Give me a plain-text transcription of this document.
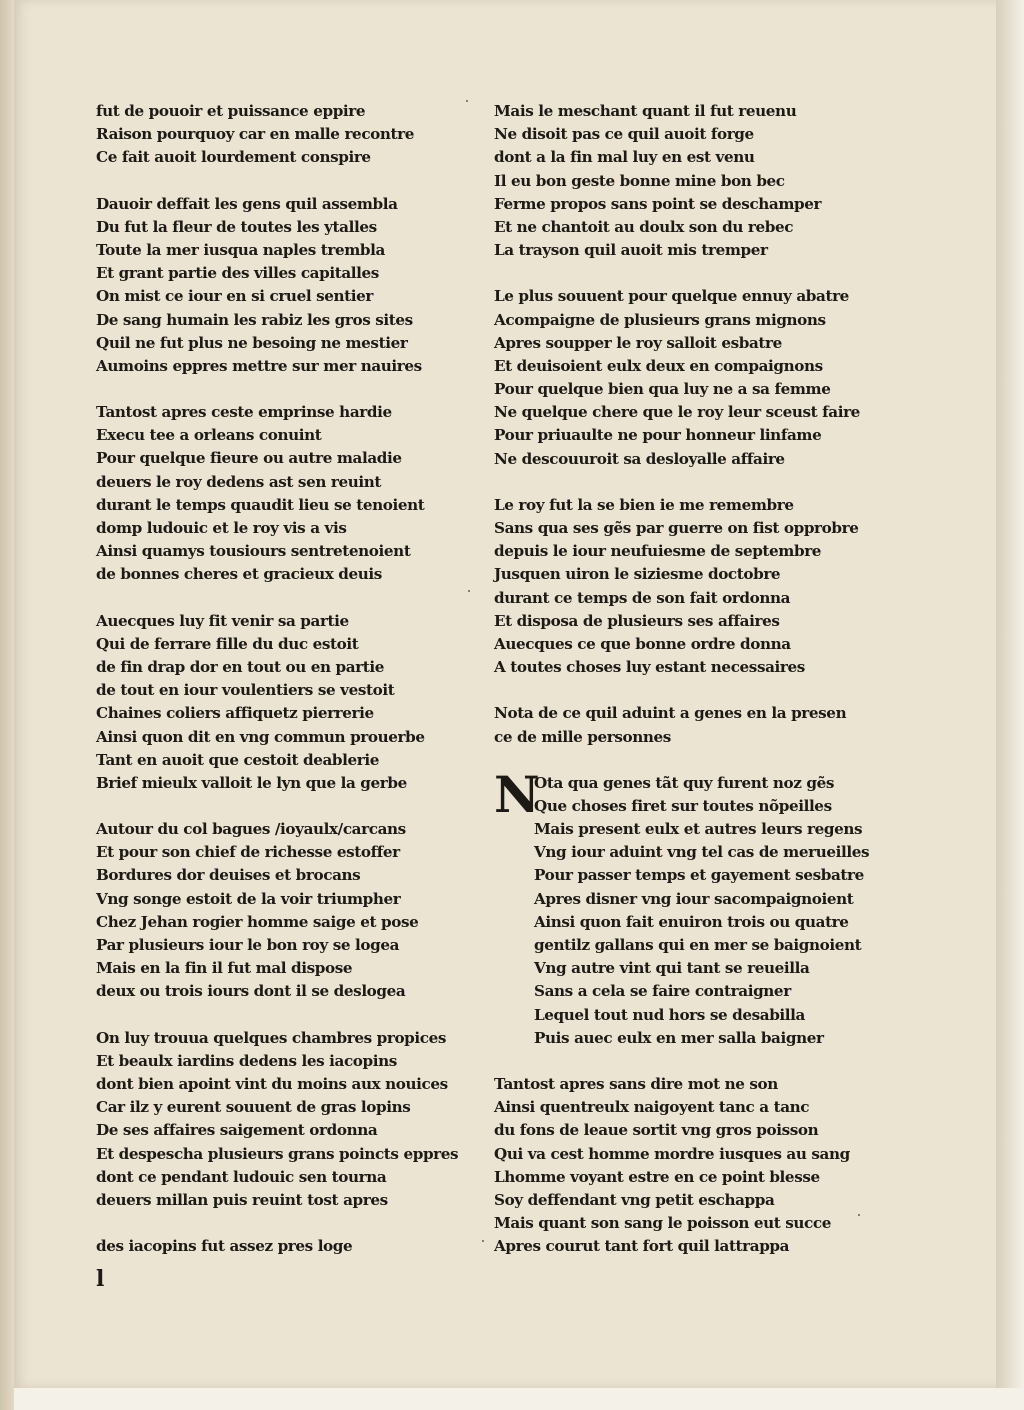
fut de pouoir et puissance eppire
Raison pourquoy car en malle recontre
Ce fait auoit lourdement conspire
Dauoir deffait les gens quil assembla
Du fut la fleur de toutes les ytalles
Toute la mer iusqua naples trembla
Et grant partie des villes capitalles
On mist ce iour en si cruel sentier
De sang humain les rabiz les gros sites
Quil ne fut plus ne besoing ne mestier
Aumoins eppres mettre sur mer nauires
Tantost apres ceste emprinse hardie
Execu tee a orleans conuint
Pour quelque fieure ou autre maladie
deuers le roy dedens ast sen reuint
durant le temps quaudit lieu se tenoient
domp ludouic et le roy vis a vis
Ainsi quamys tousiours sentretenoient
de bonnes cheres et gracieux deuis
Auecques luy fit venir sa partie
Qui de ferrare fille du duc estoit
de fin drap dor en tout ou en partie
de tout en iour voulentiers se vestoit
Chaines coliers affiquetz pierrerie
Ainsi quon dit en vng commun prouerbe
Tant en auoit que cestoit deablerie
Brief mieulx valloit le lyn que la gerbe
Autour du col bagues /ioyaulx/carcans
Et pour son chief de richesse estoffer
Bordures dor deuises et brocans
Vng songe estoit de la voir triumpher
Chez Jehan rogier homme saige et pose
Par plusieurs iour le bon roy se logea
Mais en la fin il fut mal dispose
deux ou trois iours dont il se deslogea
On luy trouua quelques chambres propices
Et beaulx iardins dedens les iacopins
dont bien apoint vint du moins aux nouices
Car ilz y eurent souuent de gras lopins
De ses affaires saigement ordonna
Et despescha plusieurs grans poincts eppres
dont ce pendant ludouic sen tourna
deuers millan puis reuint tost apres
des iacopins fut assez pres loge
Mais le meschant quant il fut reuenu
Ne disoit pas ce quil auoit forge
dont a la fin mal luy en est venu
Il eu bon geste bonne mine bon bec
Ferme propos sans point se deschamper
Et ne chantoit au doulx son du rebec
La trayson quil auoit mis tremper
Le plus souuent pour quelque ennuy abatre
Acompaigne de plusieurs grans mignons
Apres soupper le roy salloit esbatre
Et deuisoient eulx deux en compaignons
Pour quelque bien qua luy ne a sa femme
Ne quelque chere que le roy leur sceust faire
Pour priuaulte ne pour honneur linfame
Ne descouuroit sa desloyalle affaire
Le roy fut la se bien ie me remembre
Sans qua ses gẽs par guerre on fist opprobre
depuis le iour neufuiesme de septembre
Jusquen uiron le siziesme doctobre
durant ce temps de son fait ordonna
Et disposa de plusieurs ses affaires
Auecques ce que bonne ordre donna
A toutes choses luy estant necessaires
Nota de ce quil aduint a genes en la presen
ce de mille personnes
N
Ota qua genes tãt quy furent noz gẽs
Que choses firet sur toutes nõpeilles
Mais present eulx et autres leurs regens
Vng iour aduint vng tel cas de merueilles
Pour passer temps et gayement sesbatre
Apres disner vng iour sacompaignoient
Ainsi quon fait enuiron trois ou quatre
gentilz gallans qui en mer se baignoient
Vng autre vint qui tant se reueilla
Sans a cela se faire contraigner
Lequel tout nud hors se desabilla
Puis auec eulx en mer salla baigner
Tantost apres sans dire mot ne son
Ainsi quentreulx naigoyent tanc a tanc
du fons de leaue sortit vng gros poisson
Qui va cest homme mordre iusques au sang
Lhomme voyant estre en ce point blesse
Soy deffendant vng petit eschappa
Mais quant son sang le poisson eut succe
Apres courut tant fort quil lattrappa
l
